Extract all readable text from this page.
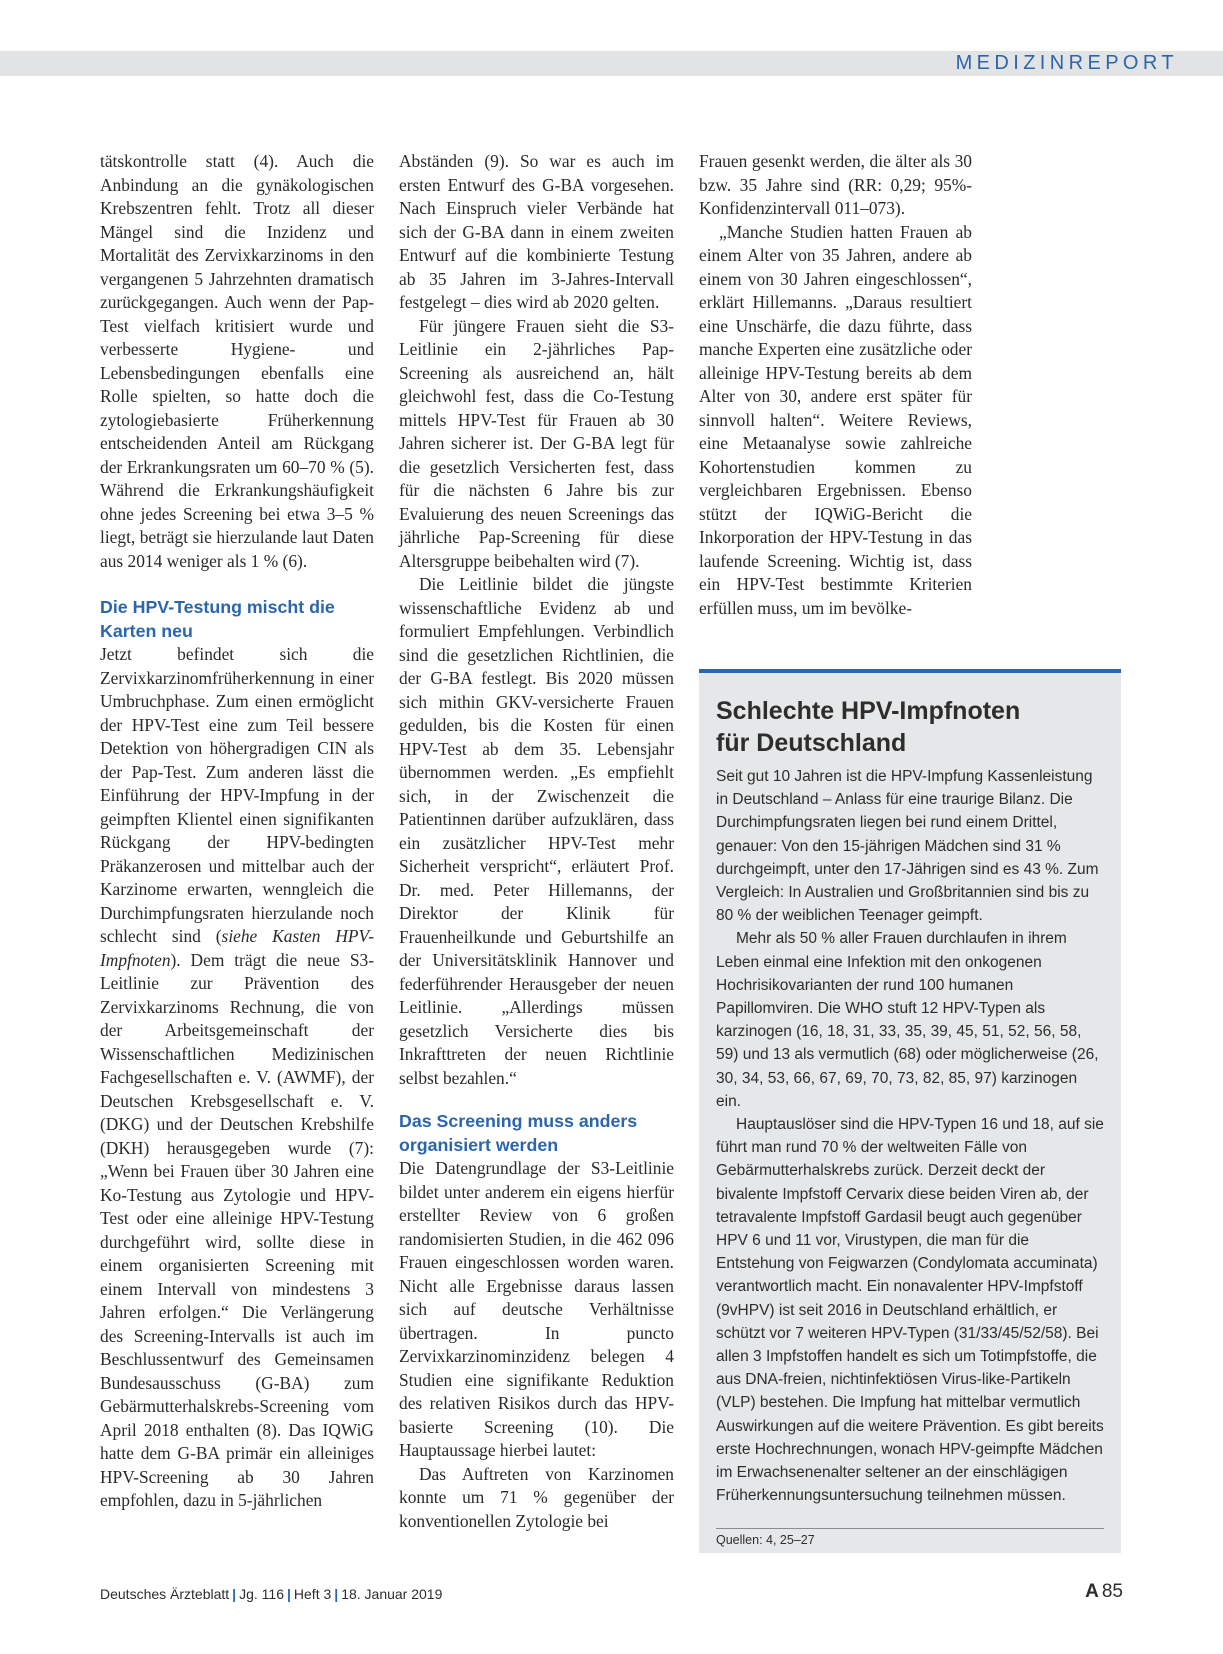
MEDIZINREPORT

tätskontrolle statt (4). Auch die Anbindung an die gynäkologischen Krebszentren fehlt. Trotz all dieser Mängel sind die Inzidenz und Mortalität des Zervixkarzinoms in den vergangenen 5 Jahrzehnten dramatisch zurückgegangen. Auch wenn der Pap-Test vielfach kritisiert wurde und verbesserte Hygiene- und Lebensbedingungen ebenfalls eine Rolle spielten, so hatte doch die zytologiebasierte Früherkennung entscheidenden Anteil am Rückgang der Erkrankungsraten um 60–70 % (5). Während die Erkrankungshäufigkeit ohne jedes Screening bei etwa 3–5 % liegt, beträgt sie hierzulande laut Daten aus 2014 weniger als 1 % (6).

Die HPV-Testung mischt die Karten neu

Jetzt befindet sich die Zervixkarzinomfrüherkennung in einer Umbruchphase. Zum einen ermöglicht der HPV-Test eine zum Teil bessere Detektion von höhergradigen CIN als der Pap-Test. Zum anderen lässt die Einführung der HPV-Impfung in der geimpften Klientel einen signifikanten Rückgang der HPV-bedingten Präkanzerosen und mittelbar auch der Karzinome erwarten, wenngleich die Durchimpfungsraten hierzulande noch schlecht sind (siehe Kasten HPV-Impfnoten). Dem trägt die neue S3-Leitlinie zur Prävention des Zervixkarzinoms Rechnung, die von der Arbeitsgemeinschaft der Wissenschaftlichen Medizinischen Fachgesellschaften e. V. (AWMF), der Deutschen Krebsgesellschaft e. V. (DKG) und der Deutschen Krebshilfe (DKH) herausgegeben wurde (7): „Wenn bei Frauen über 30 Jahren eine Ko-Testung aus Zytologie und HPV-Test oder eine alleinige HPV-Testung durchgeführt wird, sollte diese in einem organisierten Screening mit einem Intervall von mindestens 3 Jahren erfolgen.“ Die Verlängerung des Screening-Intervalls ist auch im Beschlussentwurf des Gemeinsamen Bundesausschuss (G-BA) zum Gebärmutterhalskrebs-Screening vom April 2018 enthalten (8). Das IQWiG hatte dem G-BA primär ein alleiniges HPV-Screening ab 30 Jahren empfohlen, dazu in 5-jährlichen

Abständen (9). So war es auch im ersten Entwurf des G-BA vorgesehen. Nach Einspruch vieler Verbände hat sich der G-BA dann in einem zweiten Entwurf auf die kombinierte Testung ab 35 Jahren im 3-Jahres-Intervall festgelegt – dies wird ab 2020 gelten.

Für jüngere Frauen sieht die S3-Leitlinie ein 2-jährliches Pap-Screening als ausreichend an, hält gleichwohl fest, dass die Co-Testung mittels HPV-Test für Frauen ab 30 Jahren sicherer ist. Der G-BA legt für die gesetzlich Versicherten fest, dass für die nächsten 6 Jahre bis zur Evaluierung des neuen Screenings das jährliche Pap-Screening für diese Altersgruppe beibehalten wird (7).

Die Leitlinie bildet die jüngste wissenschaftliche Evidenz ab und formuliert Empfehlungen. Verbindlich sind die gesetzlichen Richtlinien, die der G-BA festlegt. Bis 2020 müssen sich mithin GKV-versicherte Frauen gedulden, bis die Kosten für einen HPV-Test ab dem 35. Lebensjahr übernommen werden. „Es empfiehlt sich, in der Zwischenzeit die Patientinnen darüber aufzuklären, dass ein zusätzlicher HPV-Test mehr Sicherheit verspricht“, erläutert Prof. Dr. med. Peter Hillemanns, der Direktor der Klinik für Frauenheilkunde und Geburtshilfe an der Universitätsklinik Hannover und federführender Herausgeber der neuen Leitlinie. „Allerdings müssen gesetzlich Versicherte dies bis Inkrafttreten der neuen Richtlinie selbst bezahlen.“

Das Screening muss anders organisiert werden

Die Datengrundlage der S3-Leitlinie bildet unter anderem ein eigens hierfür erstellter Review von 6 großen randomisierten Studien, in die 462 096 Frauen eingeschlossen worden waren. Nicht alle Ergebnisse daraus lassen sich auf deutsche Verhältnisse übertragen. In puncto Zervixkarzinominzidenz belegen 4 Studien eine signifikante Reduktion des relativen Risikos durch das HPV-basierte Screening (10). Die Hauptaussage hierbei lautet:

Das Auftreten von Karzinomen konnte um 71 % gegenüber der konventionellen Zytologie bei

Frauen gesenkt werden, die älter als 30 bzw. 35 Jahre sind (RR: 0,29; 95%-Konfidenzintervall 011–073).

„Manche Studien hatten Frauen ab einem Alter von 35 Jahren, andere ab einem von 30 Jahren eingeschlossen“, erklärt Hillemanns. „Daraus resultiert eine Unschärfe, die dazu führte, dass manche Experten eine zusätzliche oder alleinige HPV-Testung bereits ab dem Alter von 30, andere erst später für sinnvoll halten“. Weitere Reviews, eine Metaanalyse sowie zahlreiche Kohortenstudien kommen zu vergleichbaren Ergebnissen. Ebenso stützt der IQWiG-Bericht die Inkorporation der HPV-Testung in das laufende Screening. Wichtig ist, dass ein HPV-Test bestimmte Kriterien erfüllen muss, um im bevölke-

Schlechte HPV-Impfnoten
für Deutschland

Seit gut 10 Jahren ist die HPV-Impfung Kassenleistung in Deutschland – Anlass für eine traurige Bilanz. Die Durchimpfungsraten liegen bei rund einem Drittel, genauer: Von den 15-jährigen Mädchen sind 31 % durchgeimpft, unter den 17-Jährigen sind es 43 %. Zum Vergleich: In Australien und Großbritannien sind bis zu 80 % der weiblichen Teenager geimpft.

Mehr als 50 % aller Frauen durchlaufen in ihrem Leben einmal eine Infektion mit den onkogenen Hochrisikovarianten der rund 100 humanen Papillomviren. Die WHO stuft 12 HPV-Typen als karzinogen (16, 18, 31, 33, 35, 39, 45, 51, 52, 56, 58, 59) und 13 als vermutlich (68) oder möglicherweise (26, 30, 34, 53, 66, 67, 69, 70, 73, 82, 85, 97) karzinogen ein.

Hauptauslöser sind die HPV-Typen 16 und 18, auf sie führt man rund 70 % der weltweiten Fälle von Gebärmutterhalskrebs zurück. Derzeit deckt der bivalente Impfstoff Cervarix diese beiden Viren ab, der tetravalente Impfstoff Gardasil beugt auch gegenüber HPV 6 und 11 vor, Virustypen, die man für die Entstehung von Feigwarzen (Condylomata accuminata) verantwortlich macht. Ein nonavalenter HPV-Impfstoff (9vHPV) ist seit 2016 in Deutschland erhältlich, er schützt vor 7 weiteren HPV-Typen (31/33/45/52/58). Bei allen 3 Impfstoffen handelt es sich um Totimpfstoffe, die aus DNA-freien, nichtinfektiösen Virus-like-Partikeln (VLP) bestehen. Die Impfung hat mittelbar vermutlich Auswirkungen auf die weitere Prävention. Es gibt bereits erste Hochrechnungen, wonach HPV-geimpfte Mädchen im Erwachsenenalter seltener an der einschlägigen Früherkennungsuntersuchung teilnehmen müssen.

Quellen: 4, 25–27
Deutsches Ärzteblatt | Jg. 116 | Heft 3 | 18. Januar 2019	A 85
